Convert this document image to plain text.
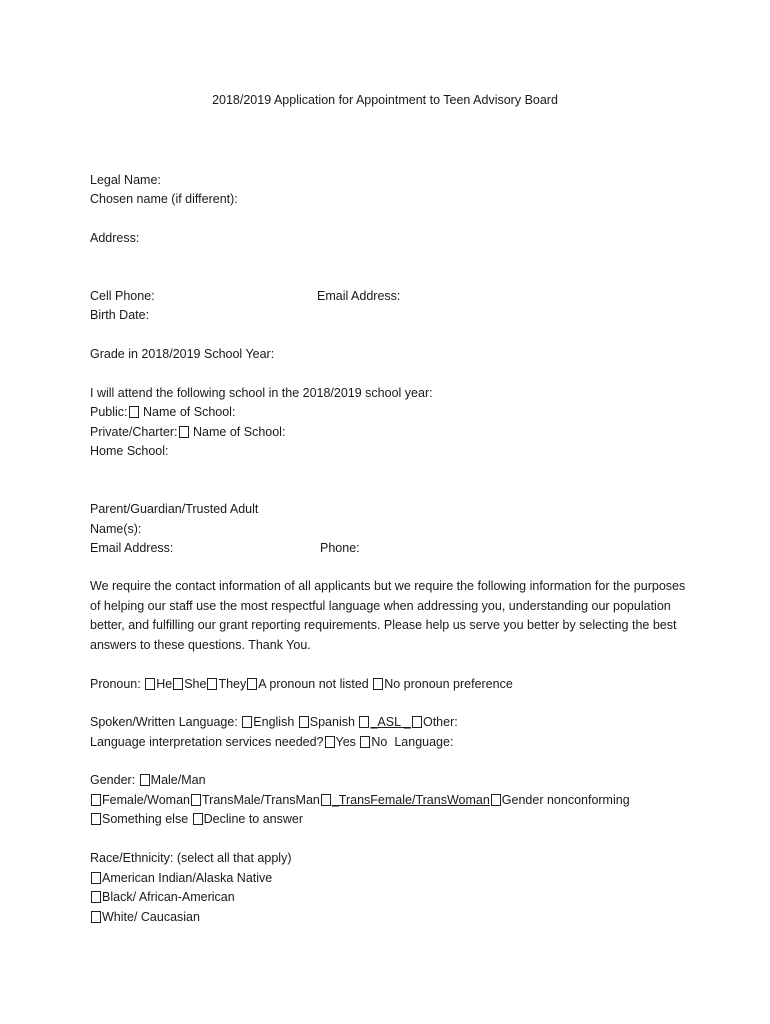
2018/2019 Application for Appointment to Teen Advisory Board
Legal Name:
Chosen name (if different):
Address:
Cell Phone:	Email Address:
Birth Date:
Grade in 2018/2019 School Year:
I will attend the following school in the 2018/2019 school year:
Public: Name of School:
Private/Charter: Name of School:
Home School:
Parent/Guardian/Trusted Adult
Name(s):
Email Address:	Phone:
We require the contact information of all applicants but we require the following information for the purposes of helping our staff use the most respectful language when addressing you, understanding our population better, and fulfilling our grant reporting requirements. Please help us serve you better by selecting the best answers to these questions. Thank You.
Pronoun: He She They A pronoun not listed No pronoun preference
Spoken/Written Language: English Spanish _ASL _ Other:
Language interpretation services needed? Yes No Language:
Gender: Male/Man
Female/Woman TransMale/TransMan _TransFemale/TransWoman Gender nonconforming
Something else Decline to answer
Race/Ethnicity: (select all that apply)
American Indian/Alaska Native
Black/ African-American
White/ Caucasian
